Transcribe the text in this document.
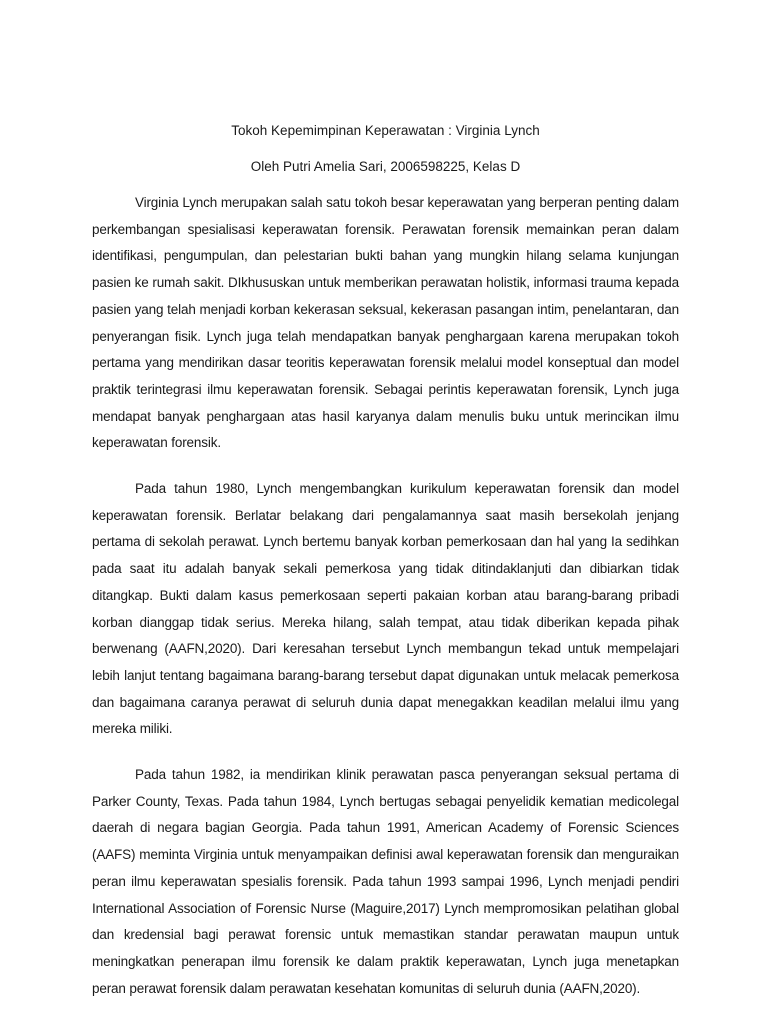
Tokoh Kepemimpinan Keperawatan : Virginia Lynch

Oleh Putri Amelia Sari, 2006598225, Kelas D

Virginia Lynch merupakan salah satu tokoh besar keperawatan yang berperan penting dalam perkembangan spesialisasi keperawatan forensik. Perawatan forensik memainkan peran dalam identifikasi, pengumpulan, dan pelestarian bukti bahan yang mungkin hilang selama kunjungan pasien ke rumah sakit. DIkhususkan untuk memberikan perawatan holistik, informasi trauma kepada pasien yang telah menjadi korban kekerasan seksual, kekerasan pasangan intim, penelantaran, dan penyerangan fisik. Lynch juga telah mendapatkan banyak penghargaan karena merupakan tokoh pertama yang mendirikan dasar teoritis keperawatan forensik melalui model konseptual dan model praktik terintegrasi ilmu keperawatan forensik. Sebagai perintis keperawatan forensik, Lynch juga mendapat banyak penghargaan atas hasil karyanya dalam menulis buku untuk merincikan ilmu keperawatan forensik.

Pada tahun 1980, Lynch mengembangkan kurikulum keperawatan forensik dan model keperawatan forensik. Berlatar belakang dari pengalamannya saat masih bersekolah jenjang pertama di sekolah perawat. Lynch bertemu banyak korban pemerkosaan dan hal yang Ia sedihkan pada saat itu adalah banyak sekali pemerkosa yang tidak ditindaklanjuti dan dibiarkan tidak ditangkap. Bukti dalam kasus pemerkosaan seperti pakaian korban atau barang-barang pribadi korban dianggap tidak serius. Mereka hilang, salah tempat, atau tidak diberikan kepada pihak berwenang (AAFN,2020). Dari keresahan tersebut Lynch membangun tekad untuk mempelajari lebih lanjut tentang bagaimana barang-barang tersebut dapat digunakan untuk melacak pemerkosa dan bagaimana caranya perawat di seluruh dunia dapat menegakkan keadilan melalui ilmu yang mereka miliki.

Pada tahun 1982, ia mendirikan klinik perawatan pasca penyerangan seksual pertama di Parker County, Texas. Pada tahun 1984, Lynch bertugas sebagai penyelidik kematian medicolegal daerah di negara bagian Georgia. Pada tahun 1991, American Academy of Forensic Sciences (AAFS) meminta Virginia untuk menyampaikan definisi awal keperawatan forensik dan menguraikan peran ilmu keperawatan spesialis forensik. Pada tahun 1993 sampai 1996, Lynch menjadi pendiri International Association of Forensic Nurse (Maguire,2017) Lynch mempromosikan pelatihan global dan kredensial bagi perawat forensic untuk memastikan standar perawatan maupun untuk meningkatkan penerapan ilmu forensik ke dalam praktik keperawatan, Lynch juga menetapkan peran perawat forensik dalam perawatan kesehatan komunitas di seluruh dunia (AAFN,2020).
